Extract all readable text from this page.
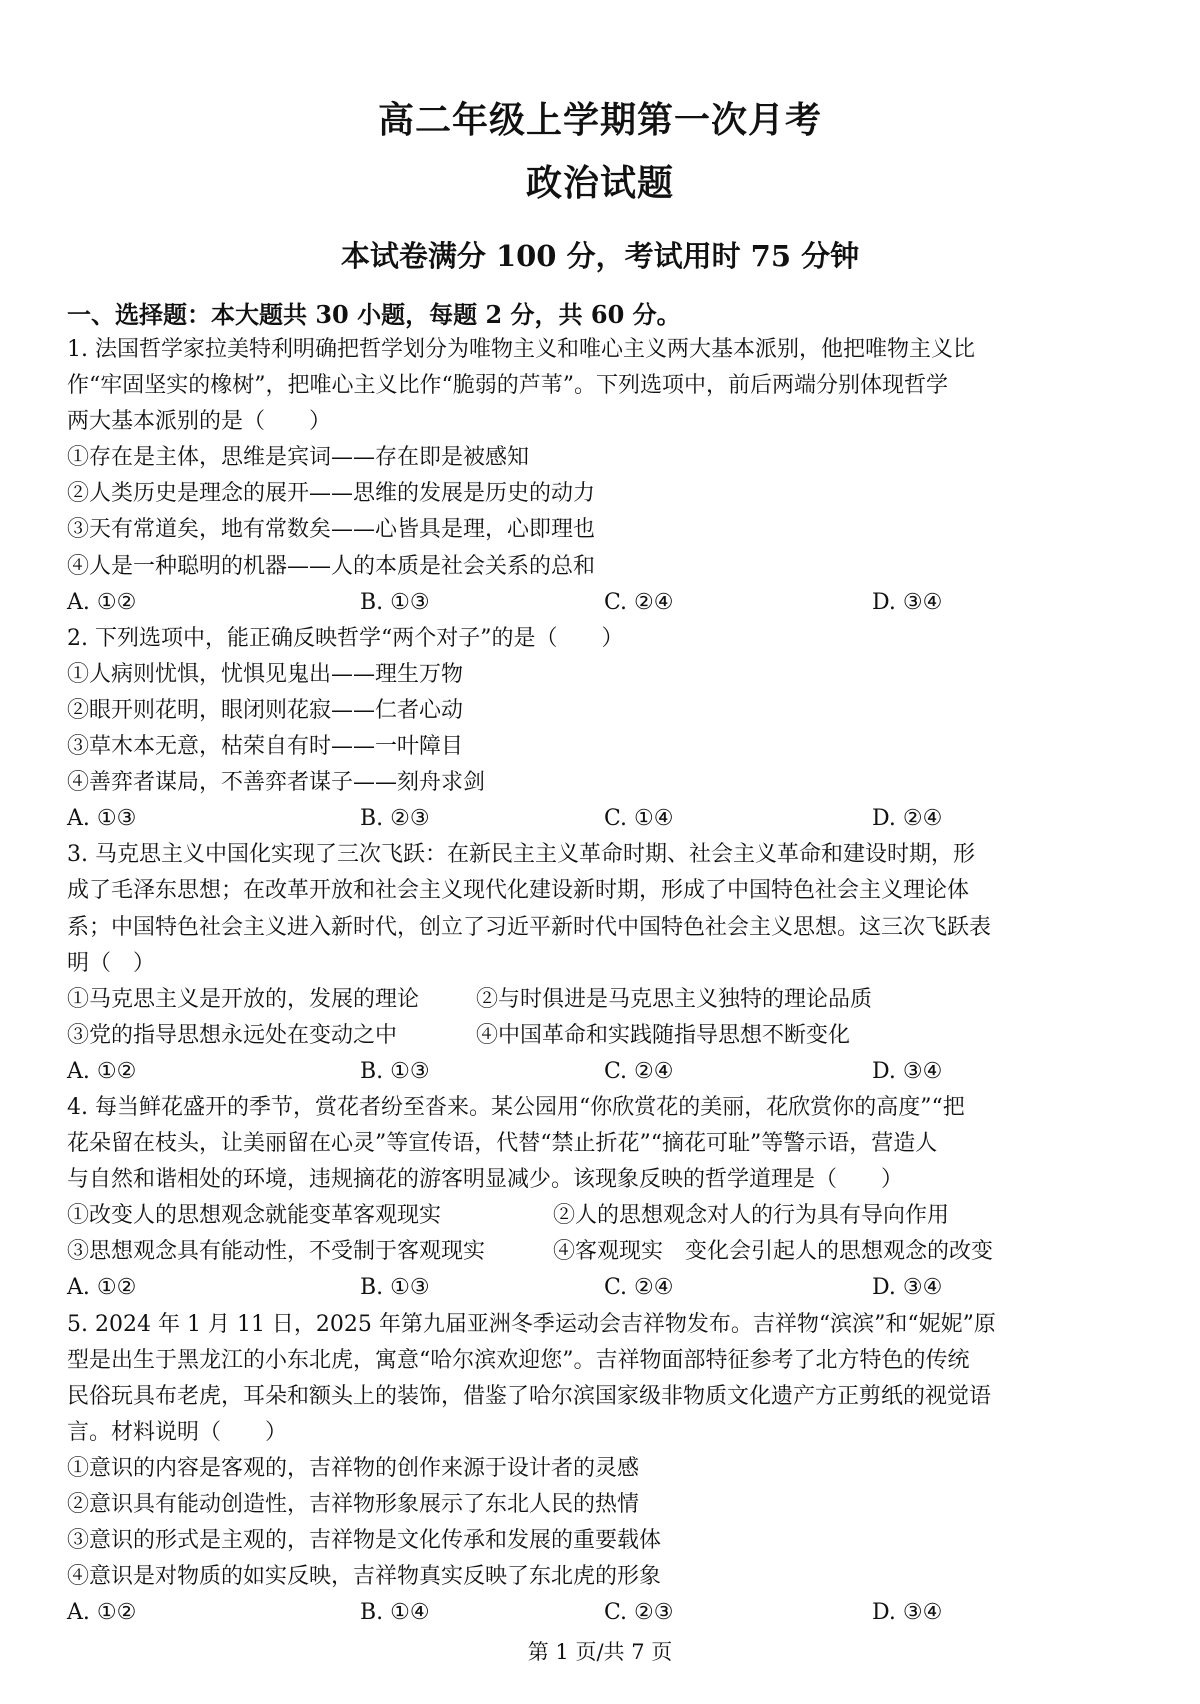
高二年级上学期第一次月考
政治试题
本试卷满分 100 分，考试用时 75 分钟
一、选择题：本大题共 30 小题，每题 2 分，共 60 分。
1. 法国哲学家拉美特利明确把哲学划分为唯物主义和唯心主义两大基本派别，他把唯物主义比
作“牢固坚实的橡树”，把唯心主义比作“脆弱的芦苇”。下列选项中，前后两端分别体现哲学
两大基本派别的是（　　）
①存在是主体，思维是宾词——存在即是被感知
②人类历史是理念的展开——思维的发展是历史的动力
③天有常道矣，地有常数矣——心皆具是理，心即理也
④人是一种聪明的机器——人的本质是社会关系的总和
A. ①②	B. ①③	C. ②④	D. ③④
2. 下列选项中，能正确反映哲学“两个对子”的是（　　）
①人病则忧惧，忧惧见鬼出——理生万物
②眼开则花明，眼闭则花寂——仁者心动
③草木本无意，枯荣自有时——一叶障目
④善弈者谋局，不善弈者谋子——刻舟求剑
A. ①③	B. ②③	C. ①④	D. ②④
3. 马克思主义中国化实现了三次飞跃：在新民主主义革命时期、社会主义革命和建设时期，形
成了毛泽东思想；在改革开放和社会主义现代化建设新时期，形成了中国特色社会主义理论体
系；中国特色社会主义进入新时代，创立了习近平新时代中国特色社会主义思想。这三次飞跃表
明（　）
①马克思主义是开放的，发展的理论	②与时俱进是马克思主义独特的理论品质
③党的指导思想永远处在变动之中	④中国革命和实践随指导思想不断变化
A. ①②	B. ①③	C. ②④	D. ③④
4. 每当鲜花盛开的季节，赏花者纷至沓来。某公园用“你欣赏花的美丽，花欣赏你的高度”“把
花朵留在枝头，让美丽留在心灵”等宣传语，代替“禁止折花”“摘花可耻”等警示语，营造人
与自然和谐相处的环境，违规摘花的游客明显减少。该现象反映的哲学道理是（　　）
①改变人的思想观念就能变革客观现实	②人的思想观念对人的行为具有导向作用
③思想观念具有能动性，不受制于客观现实	④客观现实　变化会引起人的思想观念的改变
A. ①②	B. ①③	C. ②④	D. ③④
5. 2024 年 1 月 11 日，2025 年第九届亚洲冬季运动会吉祥物发布。吉祥物“滨滨”和“妮妮”原
型是出生于黑龙江的小东北虎，寓意“哈尔滨欢迎您”。吉祥物面部特征参考了北方特色的传统
民俗玩具布老虎，耳朵和额头上的装饰，借鉴了哈尔滨国家级非物质文化遗产方正剪纸的视觉语
言。材料说明（　　）
①意识的内容是客观的，吉祥物的创作来源于设计者的灵感
②意识具有能动创造性，吉祥物形象展示了东北人民的热情
③意识的形式是主观的，吉祥物是文化传承和发展的重要载体
④意识是对物质的如实反映，吉祥物真实反映了东北虎的形象
A. ①②	B. ①④	C. ②③	D. ③④
第 1 页/共 7 页
